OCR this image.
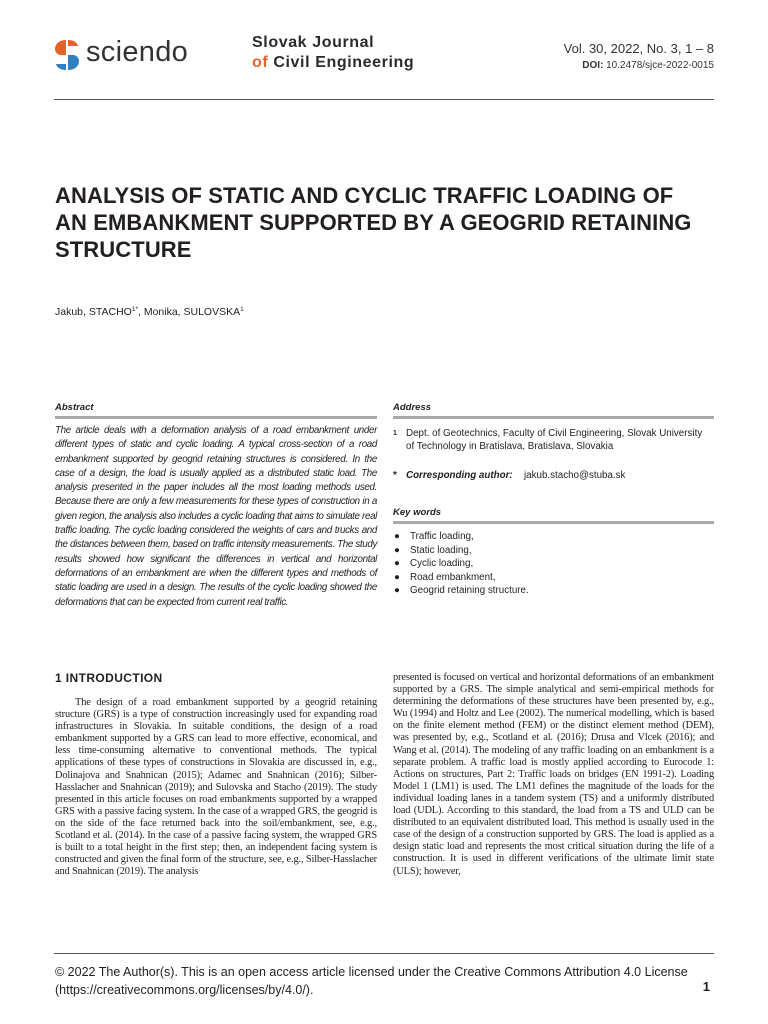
sciendo	Slovak Journal
of Civil Engineering
Vol. 30, 2022, No. 3, 1 – 8
DOI: 10.2478/sjce-2022-0015
ANALYSIS OF STATIC AND CYCLIC TRAFFIC LOADING OF AN EMBANKMENT SUPPORTED BY A GEOGRID RETAINING STRUCTURE
Jakub, $STACHO^{1*}$, Monika, SULOVSKA$^1$
Abstract
The article deals with a deformation analysis of a road embankment under different types of static and cyclic loading. A typical cross-section of a road embankment supported by geogrid retaining structures is considered. In the case of a design, the load is usually applied as a distributed static load. The analysis presented in the paper includes all the most loading methods used. Because there are only a few measurements for these types of construction in a given region, the analysis also includes a cyclic loading that aims to simulate real traffic loading. The cyclic loading considered the weights of cars and trucks and the distances between them, based on traffic intensity measurements. The study results showed how significant the differences in vertical and horizontal deformations of an embankment are when the different types and methods of static loading are used in a design. The results of the cyclic loading showed the deformations that can be expected from current real traffic.
Address
1 Dept. of Geotechnics, Faculty of Civil Engineering, Slovak University of Technology in Bratislava, Bratislava, Slovakia
* Corresponding author: jakub.stacho@stuba.sk
Key words
● Traffic loading,
● Static loading,
● Cyclic loading,
● Road embankment,
● Geogrid retaining structure.
1 INTRODUCTION
The design of a road embankment supported by a geogrid retaining structure (GRS) is a type of construction increasingly used for expanding road infrastructures in Slovakia. In suitable conditions, the design of a road embankment supported by a GRS can lead to more effective, economical, and less time-consuming alternative to conventional methods. The typical applications of these types of constructions in Slovakia are discussed in, e.g., Dolinajova and Snahnican (2015); Adamec and Snahnican (2016); Silber-Hasslacher and Snahnican (2019); and Sulovska and Stacho (2019). The study presented in this article focuses on road embankments supported by a wrapped GRS with a passive facing system. In the case of a wrapped GRS, the geogrid is on the side of the face returned back into the soil/embankment, see, e.g., Scotland et al. (2014). In the case of a passive facing system, the wrapped GRS is built to a total height in the first step; then, an independent facing system is constructed and given the final form of the structure, see, e.g., Silber-Hasslacher and Snahnican (2019). The analysis
presented is focused on vertical and horizontal deformations of an embankment supported by a GRS. The simple analytical and semi-empirical methods for determining the deformations of these structures have been presented by, e.g., Wu (1994) and Holtz and Lee (2002). The numerical modelling, which is based on the finite element method (FEM) or the distinct element method (DEM), was presented by, e.g., Scotland et al. (2016); Drusa and Vlcek (2016); and Wang et al. (2014). The modeling of any traffic loading on an embankment is a separate problem. A traffic load is mostly applied according to Eurocode 1: Actions on structures, Part 2: Traffic loads on bridges (EN 1991-2). Loading Model 1 (LM1) is used. The LM1 defines the magnitude of the loads for the individual loading lanes in a tandem system (TS) and a uniformly distributed load (UDL). According to this standard, the load from a TS and ULD can be distributed to an equivalent distributed load. This method is usually used in the case of the design of a construction supported by GRS. The load is applied as a design static load and represents the most critical situation during the life of a construction. It is used in different verifications of the ultimate limit state (ULS); however,
© 2022 The Author(s). This is an open access article licensed under the Creative Commons Attribution 4.0 License (https://creativecommons.org/licenses/by/4.0/).	1
